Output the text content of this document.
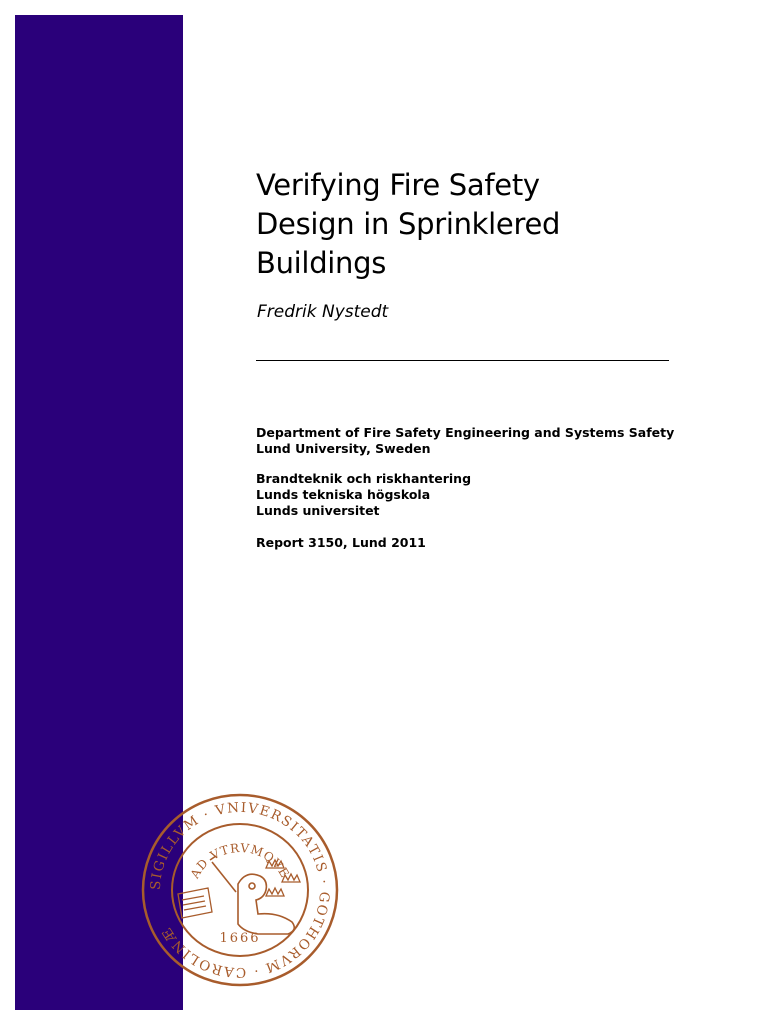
Verifying Fire Safety
Design in Sprinklered
Buildings
Fredrik Nystedt
Department of Fire Safety Engineering and Systems Safety
Lund University, Sweden
Brandteknik och riskhantering
Lunds tekniska högskola
Lunds universitet
Report 3150, Lund 2011
SIGILLVM · VNIVERSITATIS · GOTHORVM · CAROLINÆ
AD VTRVMQVE
1666
